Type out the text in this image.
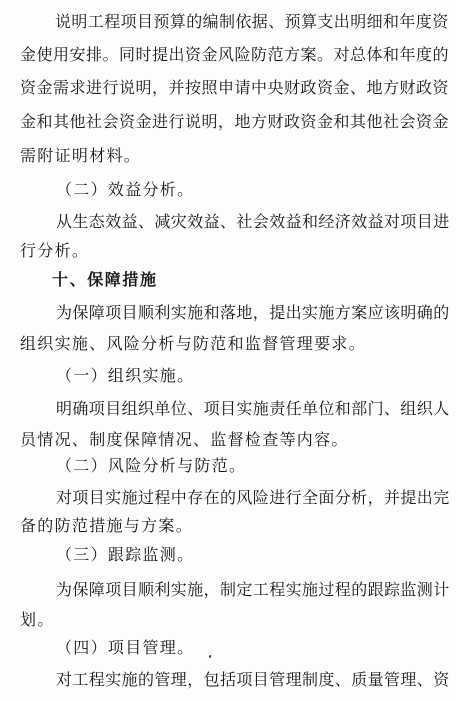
说明工程项目预算的编制依据、预算支出明细和年度资

金使用安排。同时提出资金风险防范方案。对总体和年度的

资金需求进行说明，并按照申请中央财政资金、地方财政资

金和其他社会资金进行说明，地方财政资金和其他社会资金

需附证明材料。

（二）效益分析。

从生态效益、减灾效益、社会效益和经济效益对项目进

行分析。

十、保障措施

为保障项目顺利实施和落地，提出实施方案应该明确的

组织实施、风险分析与防范和监督管理要求。

（一）组织实施。

明确项目组织单位、项目实施责任单位和部门、组织人

员情况、制度保障情况、监督检查等内容。

（二）风险分析与防范。

对项目实施过程中存在的风险进行全面分析，并提出完

备的防范措施与方案。

（三）跟踪监测。

为保障项目顺利实施，制定工程实施过程的跟踪监测计

划。

（四）项目管理。

对工程实施的管理，包括项目管理制度、质量管理、资
